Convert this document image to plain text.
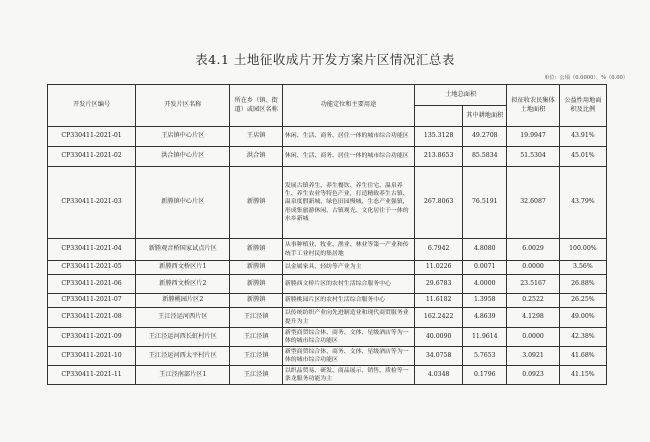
表4.1 土地征收成片开发方案片区情况汇总表
单位：公顷（0.0000）、%（0.00）
开发片区编号	开发片区名称	所在乡（镇、街道）或园区名称	功能定位和主要用途	土地总面积		拟征收农民集体土地面积	公益性用地面积及比例
					其中耕地面积		
CP330411-2021-01	王店镇中心片区	王店镇	休闲、生活、商务、居住一体的城市综合功能区	135.3128	49.2708	19.9947	43.91%
CP330411-2021-02	洪合镇中心片区	洪合镇	休闲、生活、商务、居住一体的城市综合功能区	213.8653	85.5834	51.5304	45.01%
CP330411-2021-03	新塍镇中心片区	新塍镇	发展古镇养生、养生餐饮、养生住宅、温泉养生、养生农业等特色产业，打造精致养生古镇、温泉度假新城、绿色田园慢城、生态产业强镇，形成集旅游休闲、古镇观光、文化居住于一体的水乡新城	267.8063	76.5191	32.6087	43.79%
CP330411-2021-04	新塍观音桥国家试点片区	新塍镇	从事种植业、牧业、渔业、林业等第一产业和传统手工业村民的集居地	6.7942	4.8080	6.0029	100.00%
CP330411-2021-05	新塍西文桥区片1	新塍镇	以金属家具、轻纺等产业为主	11.0226	0.0071	0.0000	3.56%
CP330411-2021-06	新塍西文桥区片2	新塍镇	新塍西文桥片区的农村生活综合服务中心	29.6783	4.0000	23.5167	26.88%
CP330411-2021-07	新塍桃园片区2	新塍镇	新塍桃园片区的农村生活综合服务中心	11.6182	1.3958	0.2522	26.25%
CP330411-2021-08	王江泾运河西片区	王江泾镇	以传统纺织产业向先进制造业和现代商贸服务业提升为主	162.2422	4.8639	4.1298	49.00%
CP330411-2021-09	王江泾运河西长虹村片区	王江泾镇	新型商贸综合体、商务、文体、星级酒店等为一体的城市综合功能区	40.0090	11.9614	0.0000	42.38%
CP330411-2021-10	王江泾运河西太平村片区	王江泾镇	新型商贸综合体、商务、文体、星级酒店等为一体的城市综合功能区	34.0758	5.7653	3.0921	41.68%
CP330411-2021-11	王江泾南部片区1	王江泾镇	以织品贸易、研发、商品展示、销售、质检等一条龙服务功能为主	4.0348	0.1796	0.0923	41.15%
